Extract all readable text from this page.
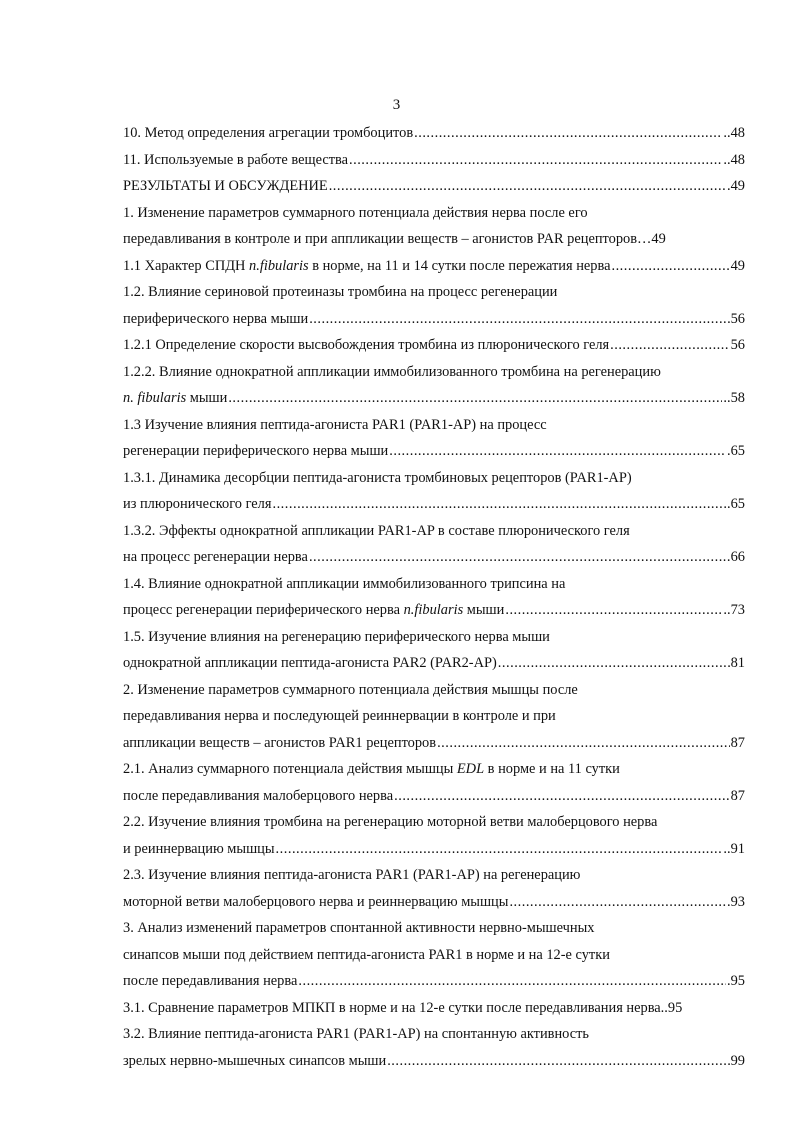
3
10. Метод определения агрегации тромбоцитов .....	..48
11. Используемые в работе вещества .....	..48
РЕЗУЛЬТАТЫ И ОБСУЖДЕНИЕ .....	.49
1. Изменение параметров суммарного потенциала действия нерва после его
передавливания в контроле и при аппликации веществ – агонистов PAR рецепторов…49
1.1 Характер СПДН n.fibularis в норме, на 11 и 14 сутки после пережатия нерва .....	49
1.2. Влияние сериновой протеиназы тромбина на процесс регенерации
периферического нерва мыши .....	56
1.2.1 Определение скорости высвобождения тромбина из плюронического геля .....	56
1.2.2. Влияние однократной аппликации иммобилизованного тромбина на регенерацию
n. fibularis мыши .....	..58
1.3 Изучение влияния пептида-агониста PAR1 (PAR1-AP) на процесс
регенерации периферического нерва мыши .....	.65
1.3.1. Динамика десорбции пептида-агониста тромбиновых рецепторов (PAR1-AP)
из плюронического геля .....	..65
1.3.2. Эффекты однократной аппликации PAR1-AP в составе плюронического геля
на процесс регенерации нерва .....	66
1.4. Влияние однократной аппликации иммобилизованного трипсина на
процесс регенерации периферического нерва n.fibularis мыши .....	..73
1.5. Изучение влияния на регенерацию периферического нерва мыши
однократной аппликации пептида-агониста PAR2 (PAR2-AP) .....	81
2. Изменение параметров суммарного потенциала действия мышцы после
передавливания нерва и последующей реиннервации в контроле и при
аппликации веществ – агонистов PAR1 рецепторов .....	87
2.1. Анализ суммарного потенциала действия мышцы EDL в норме и на 11 сутки
после передавливания малоберцового нерва .....	87
2.2. Изучение влияния тромбина на регенерацию моторной ветви малоберцового нерва
и реиннервацию мышцы .....	..91
2.3. Изучение влияния пептида-агониста PAR1 (PAR1-AP) на регенерацию
моторной ветви малоберцового нерва и реиннервацию мышцы .....	.93
3. Анализ изменений параметров спонтанной активности нервно-мышечных
синапсов мыши под действием пептида-агониста PAR1 в норме и на 12-е сутки
после передавливания нерва .....	.95
3.1. Сравнение параметров МПКП в норме и на 12-е сутки после передавливания нерва..95
3.2. Влияние пептида-агониста PAR1 (PAR1-AP) на спонтанную активность
зрелых нервно-мышечных синапсов мыши .....	99
